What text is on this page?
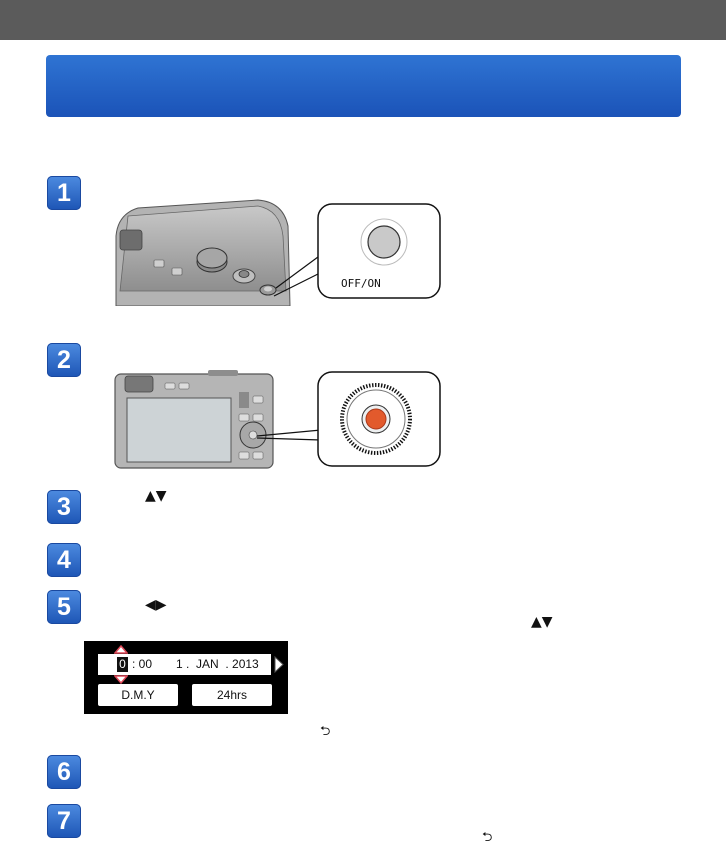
1
2
3
4
5
6
7
▲▼
◀▶
▲▼
⮌
⮌
OFF/ON
0 : 00 1 .  JAN  . 2013
D.M.Y	24hrs
